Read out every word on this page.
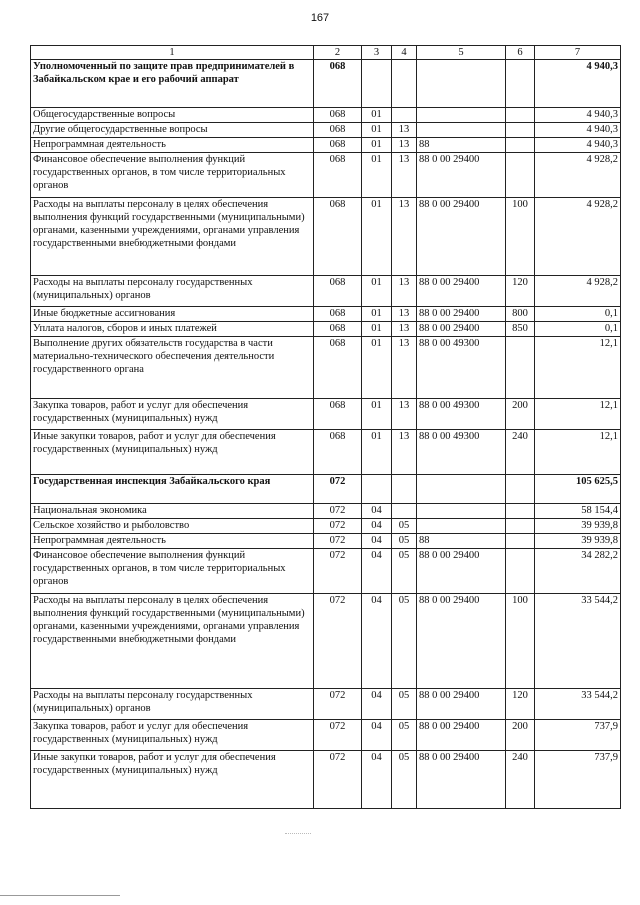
167
1	2	3	4	5	6	7
Уполномоченный по защите прав предпринимателей в Забайкальском крае и его рабочий аппарат	068					4 940,3
Общегосударственные вопросы	068	01				4 940,3
Другие общегосударственные вопросы	068	01	13			4 940,3
Непрограммная деятельность	068	01	13	88		4 940,3
Финансовое обеспечение выполнения функций государственных органов, в том числе территориальных органов	068	01	13	88 0 00 29400		4 928,2
Расходы на выплаты персоналу в целях обеспечения выполнения функций государственными (муниципальными) органами, казенными учреждениями, органами управления государственными внебюджетными фондами	068	01	13	88 0 00 29400	100	4 928,2
Расходы на выплаты персоналу государственных (муниципальных) органов	068	01	13	88 0 00 29400	120	4 928,2
Иные бюджетные ассигнования	068	01	13	88 0 00 29400	800	0,1
Уплата налогов, сборов и иных платежей	068	01	13	88 0 00 29400	850	0,1
Выполнение других обязательств государства в части материально-технического обеспечения деятельности государственного органа	068	01	13	88 0 00 49300		12,1
Закупка товаров, работ и услуг для обеспечения государственных (муниципальных) нужд	068	01	13	88 0 00 49300	200	12,1
Иные закупки товаров, работ и услуг для обеспечения государственных (муниципальных) нужд	068	01	13	88 0 00 49300	240	12,1
Государственная инспекция Забайкальского края	072					105 625,5
Национальная экономика	072	04				58 154,4
Сельское хозяйство и рыболовство	072	04	05			39 939,8
Непрограммная деятельность	072	04	05	88		39 939,8
Финансовое обеспечение выполнения функций государственных органов, в том числе территориальных органов	072	04	05	88 0 00 29400		34 282,2
Расходы на выплаты персоналу в целях обеспечения выполнения функций государственными (муниципальными) органами, казенными учреждениями, органами управления государственными внебюджетными фондами	072	04	05	88 0 00 29400	100	33 544,2
Расходы на выплаты персоналу государственных (муниципальных) органов	072	04	05	88 0 00 29400	120	33 544,2
Закупка товаров, работ и услуг для обеспечения государственных (муниципальных) нужд	072	04	05	88 0 00 29400	200	737,9
Иные закупки товаров, работ и услуг для обеспечения государственных (муниципальных) нужд	072	04	05	88 0 00 29400	240	737,9
